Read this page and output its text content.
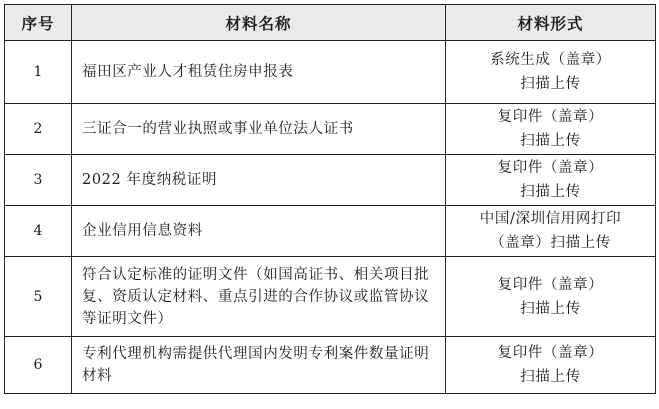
序号	材料名称	材料形式
1	福田区产业人才租赁住房申报表	系统生成（盖章）
扫描上传

2	三证合一的营业执照或事业单位法人证书	复印件（盖章）
扫描上传

3	2022 年度纳税证明	复印件（盖章）
扫描上传

4	企业信用信息资料	中国/深圳信用网打印
（盖章）扫描上传

5	符合认定标准的证明文件（如国高证书、相关项目批复、资质认定材料、重点引进的合作协议或监管协议等证明文件）	复印件（盖章）
扫描上传

6	专利代理机构需提供代理国内发明专利案件数量证明材料	复印件（盖章）
扫描上传
